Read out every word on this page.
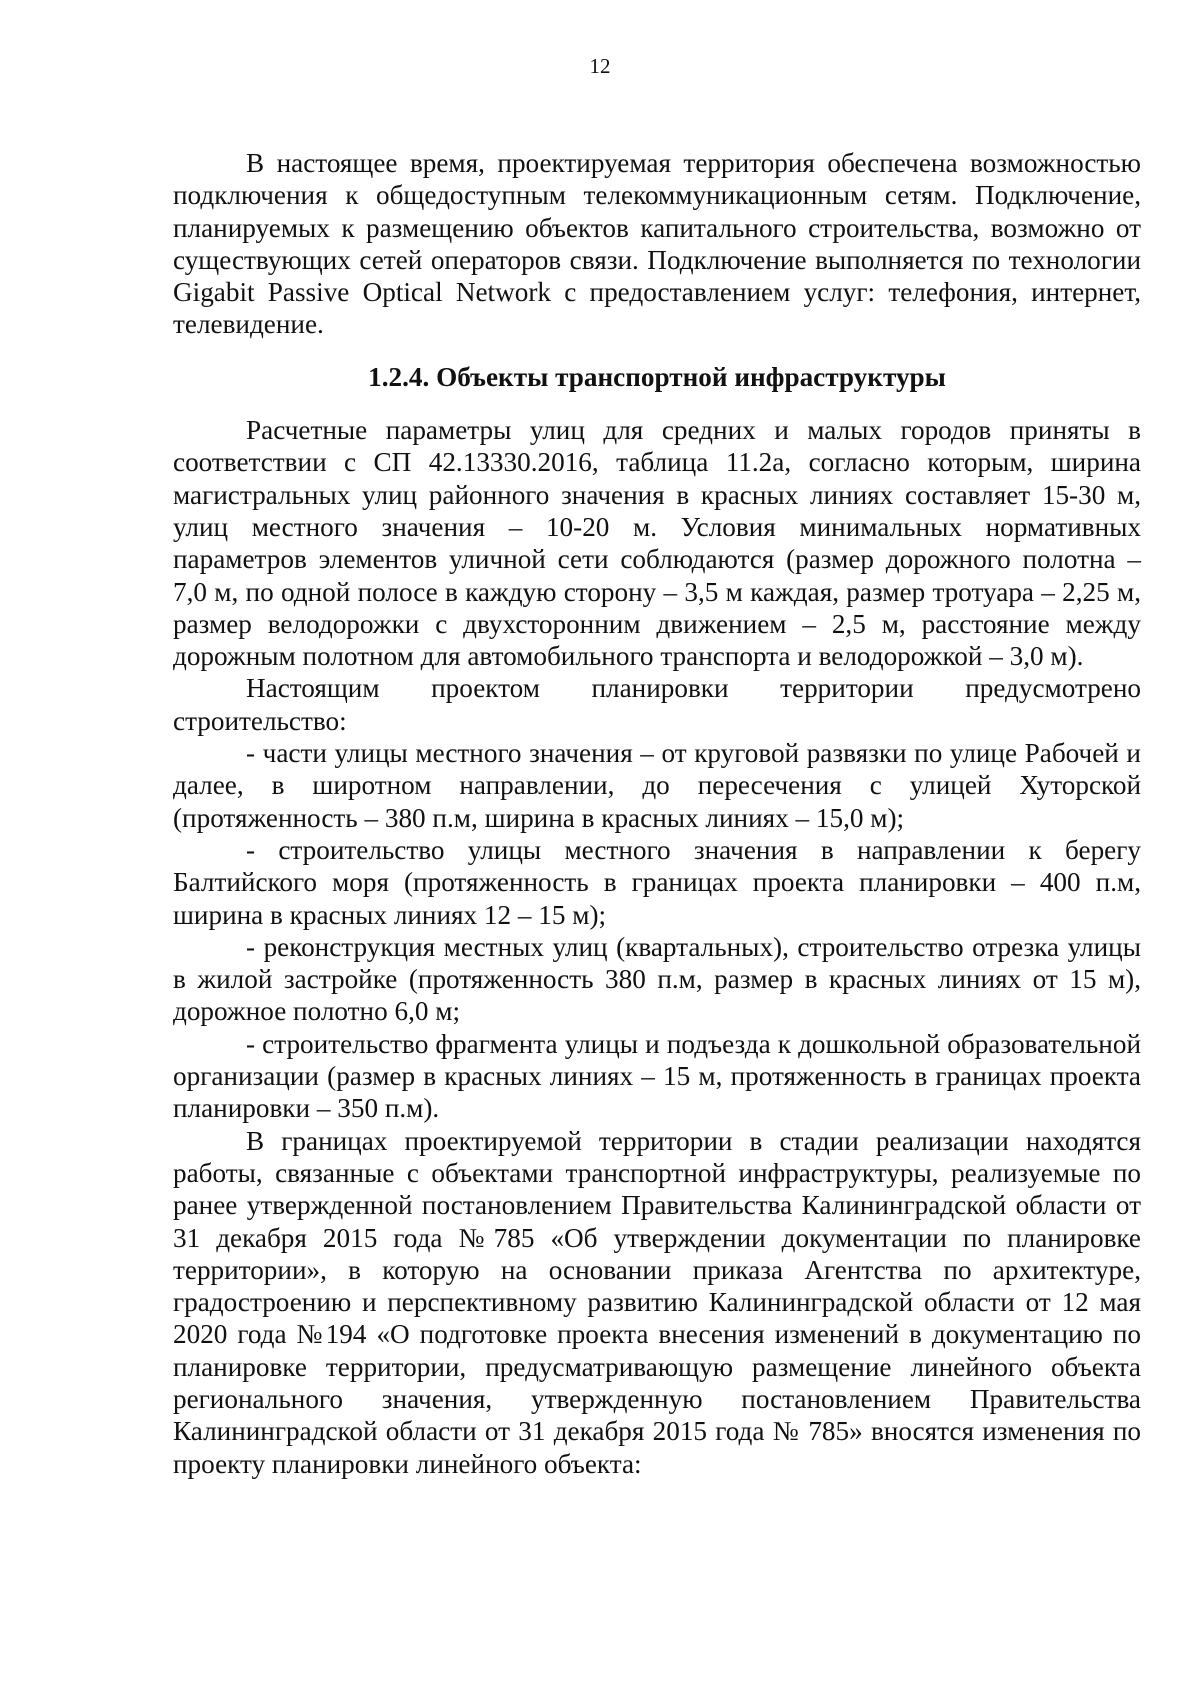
12

В настоящее время, проектируемая территория обеспечена возможностью подключения к общедоступным телекоммуникационным сетям. Подключение, планируемых к размещению объектов капитального строительства, возможно от существующих сетей операторов связи. Подключение выполняется по технологии Gigabit Passive Optical Network с предоставлением услуг: телефония, интернет, телевидение.

1.2.4. Объекты транспортной инфраструктуры

Расчетные параметры улиц для средних и малых городов приняты в соответствии с СП 42.13330.2016, таблица 11.2а, согласно которым, ширина магистральных улиц районного значения в красных линиях составляет 15-30 м, улиц местного значения – 10-20 м. Условия минимальных нормативных параметров элементов уличной сети соблюдаются (размер дорожного полотна – 7,0 м, по одной полосе в каждую сторону – 3,5 м каждая, размер тротуара – 2,25 м, размер велодорожки с двухсторонним движением – 2,5 м, расстояние между дорожным полотном для автомобильного транспорта и велодорожкой – 3,0 м).

Настоящим проектом планировки территории предусмотрено строительство:

- части улицы местного значения – от круговой развязки по улице Рабочей и далее, в широтном направлении, до пересечения с улицей Хуторской (протяженность – 380 п.м, ширина в красных линиях – 15,0 м);

- строительство улицы местного значения в направлении к берегу Балтийского моря (протяженность в границах проекта планировки – 400 п.м, ширина в красных линиях 12 – 15 м);

- реконструкция местных улиц (квартальных), строительство отрезка улицы в жилой застройке (протяженность 380 п.м, размер в красных линиях от 15 м), дорожное полотно 6,0 м;

- строительство фрагмента улицы и подъезда к дошкольной образовательной организации (размер в красных линиях – 15 м, протяженность в границах проекта планировки – 350 п.м).

В границах проектируемой территории в стадии реализации находятся работы, связанные с объектами транспортной инфраструктуры, реализуемые по ранее утвержденной постановлением Правительства Калининградской области от 31 декабря 2015 года №785 «Об утверждении документации по планировке территории», в которую на основании приказа Агентства по архитектуре, градостроению и перспективному развитию Калининградской области от 12 мая 2020 года №194 «О подготовке проекта внесения изменений в документацию по планировке территории, предусматривающую размещение линейного объекта регионального значения, утвержденную постановлением Правительства Калининградской области от 31 декабря 2015 года № 785» вносятся изменения по проекту планировки линейного объекта:
